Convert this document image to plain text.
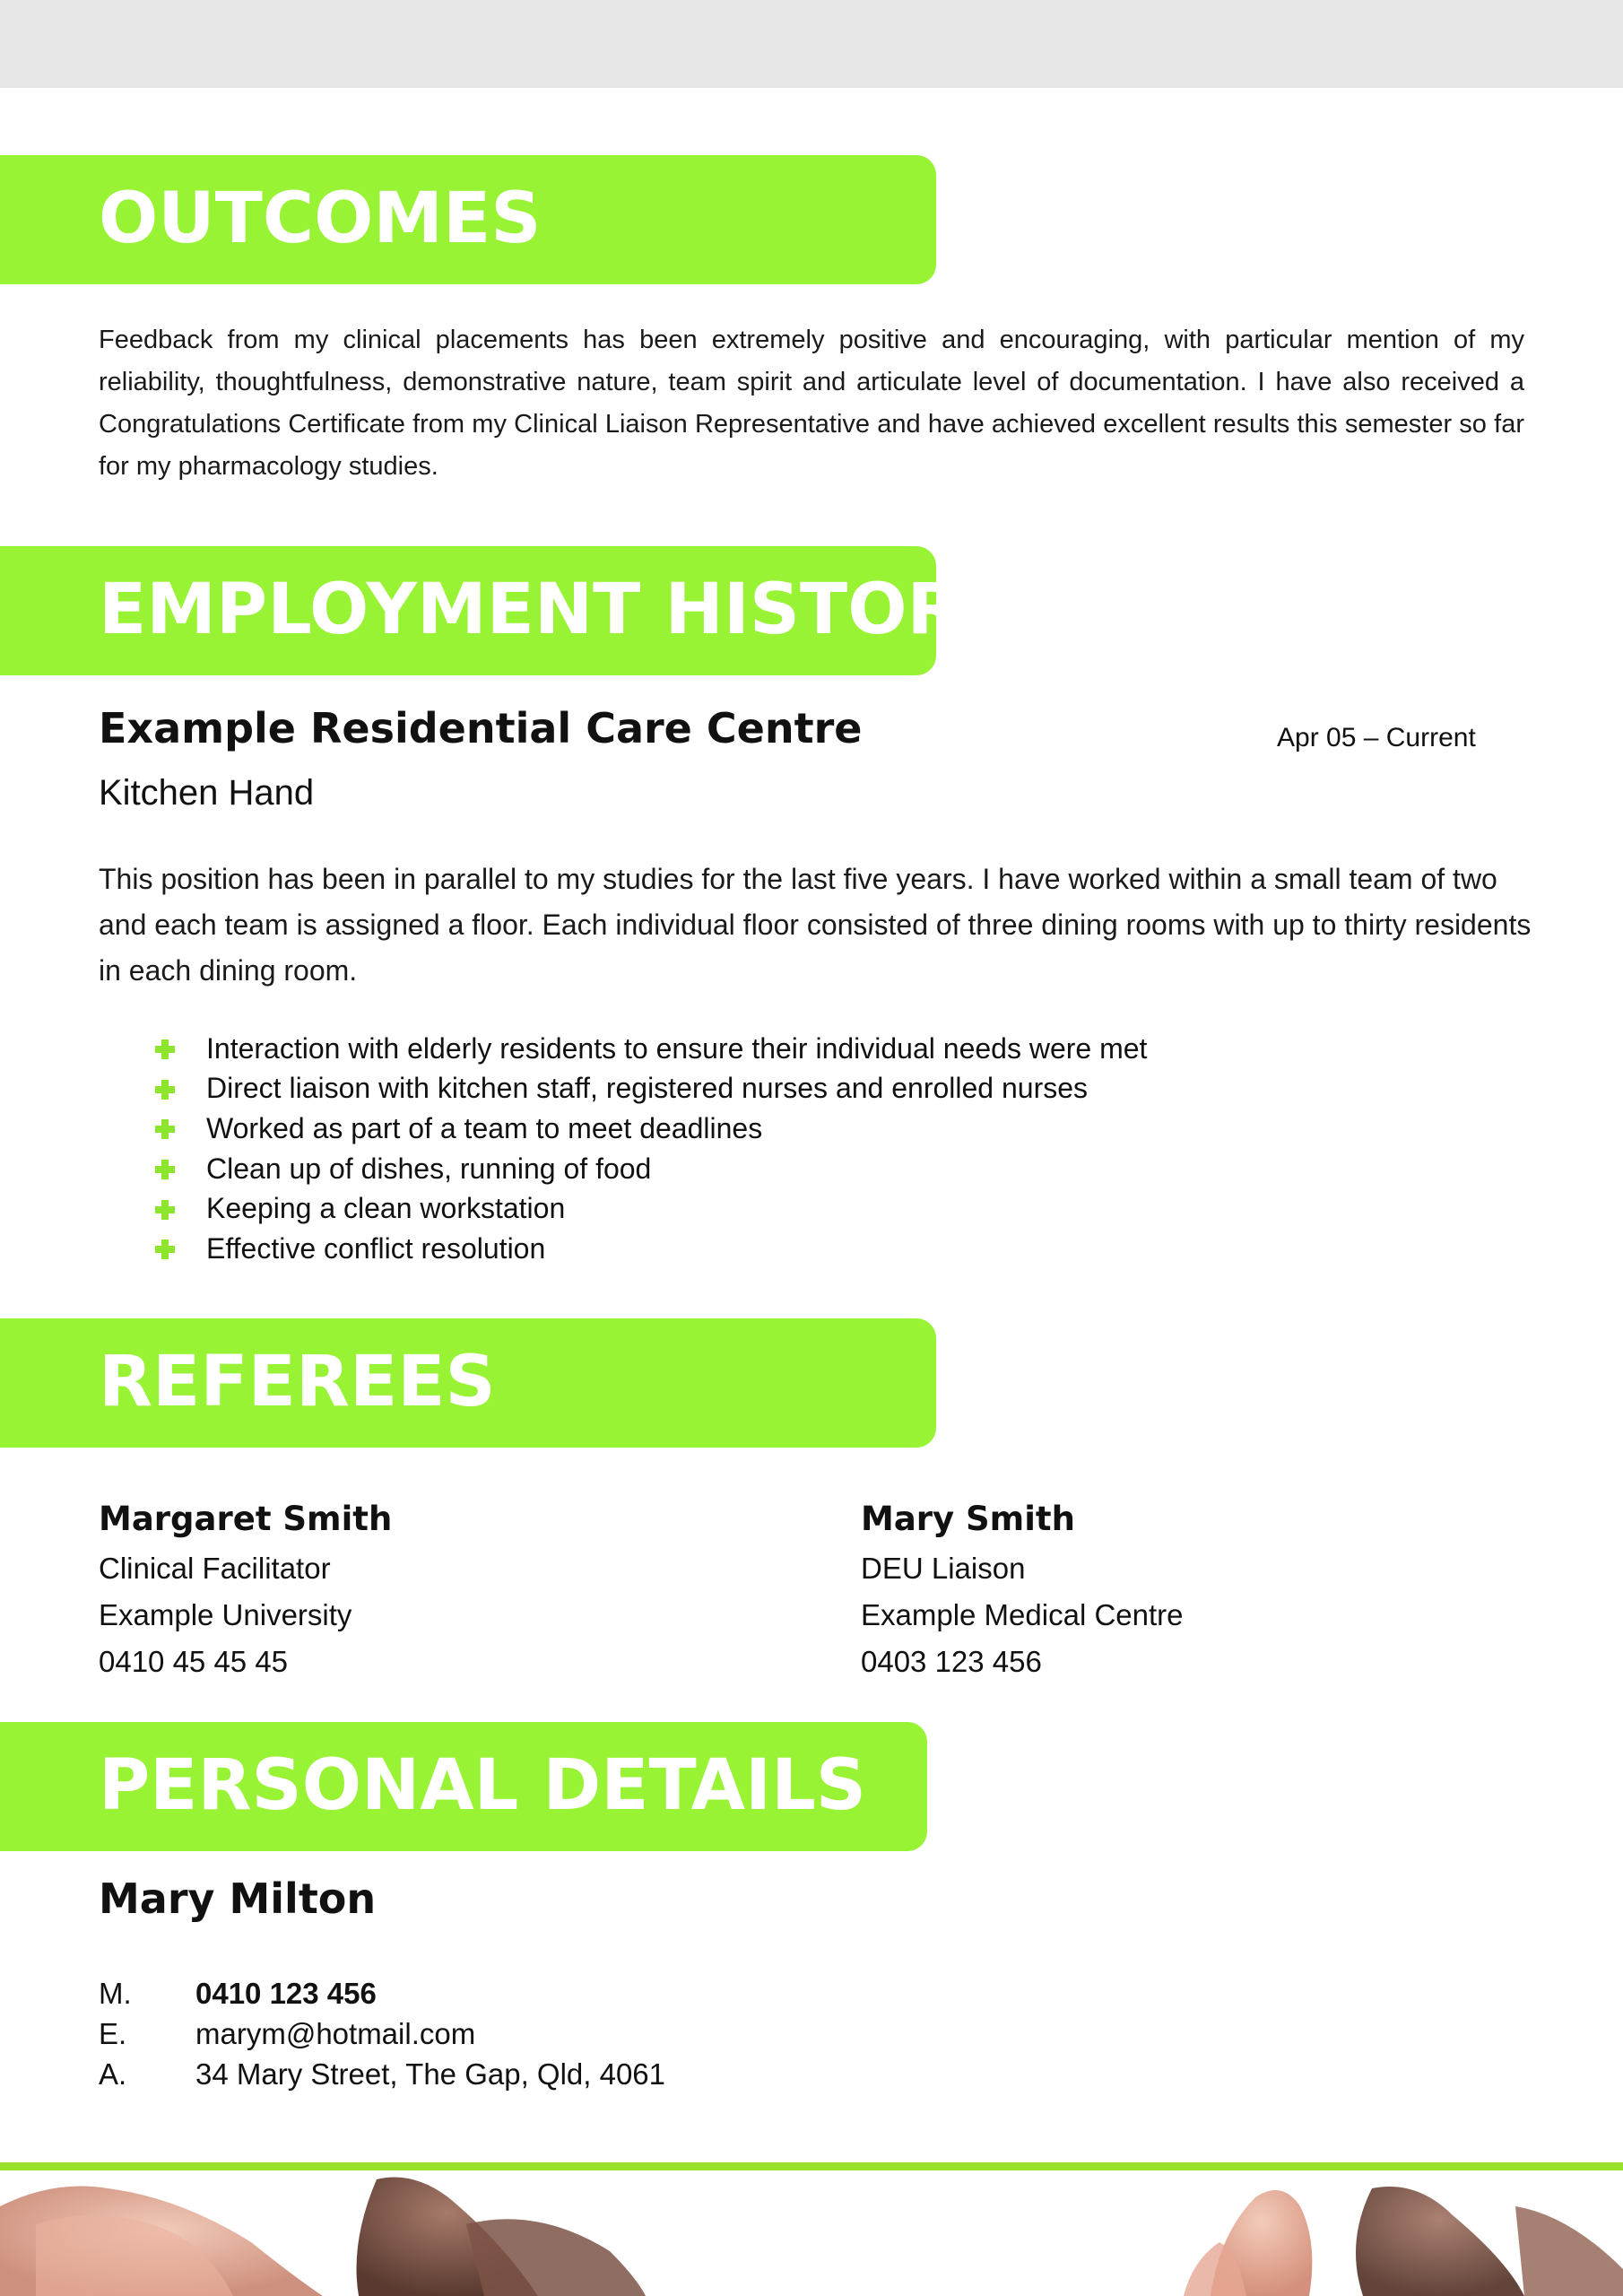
OUTCOMES
Feedback from my clinical placements has been extremely positive and encouraging, with particular mention of my reliability, thoughtfulness, demonstrative nature, team spirit and articulate level of documentation. I have also received a Congratulations Certificate from my Clinical Liaison Representative and have achieved excellent results this semester so far for my pharmacology studies.
EMPLOYMENT HISTORY
Example Residential Care Centre	Apr 05 – Current
Kitchen Hand
This position has been in parallel to my studies for the last five years. I have worked within a small team of two and each team is assigned a floor. Each individual floor consisted of three dining rooms with up to thirty residents in each dining room.
Interaction with elderly residents to ensure their individual needs were met
Direct liaison with kitchen staff, registered nurses and enrolled nurses
Worked as part of a team to meet deadlines
Clean up of dishes, running of food
Keeping a clean workstation
Effective conflict resolution
REFEREES
Margaret Smith
Clinical Facilitator
Example University
0410 45 45 45
Mary Smith
DEU Liaison
Example Medical Centre
0403 123 456
PERSONAL DETAILS
Mary Milton
M.	0410 123 456
E.	marym@hotmail.com
A.	34 Mary Street, The Gap, Qld, 4061
